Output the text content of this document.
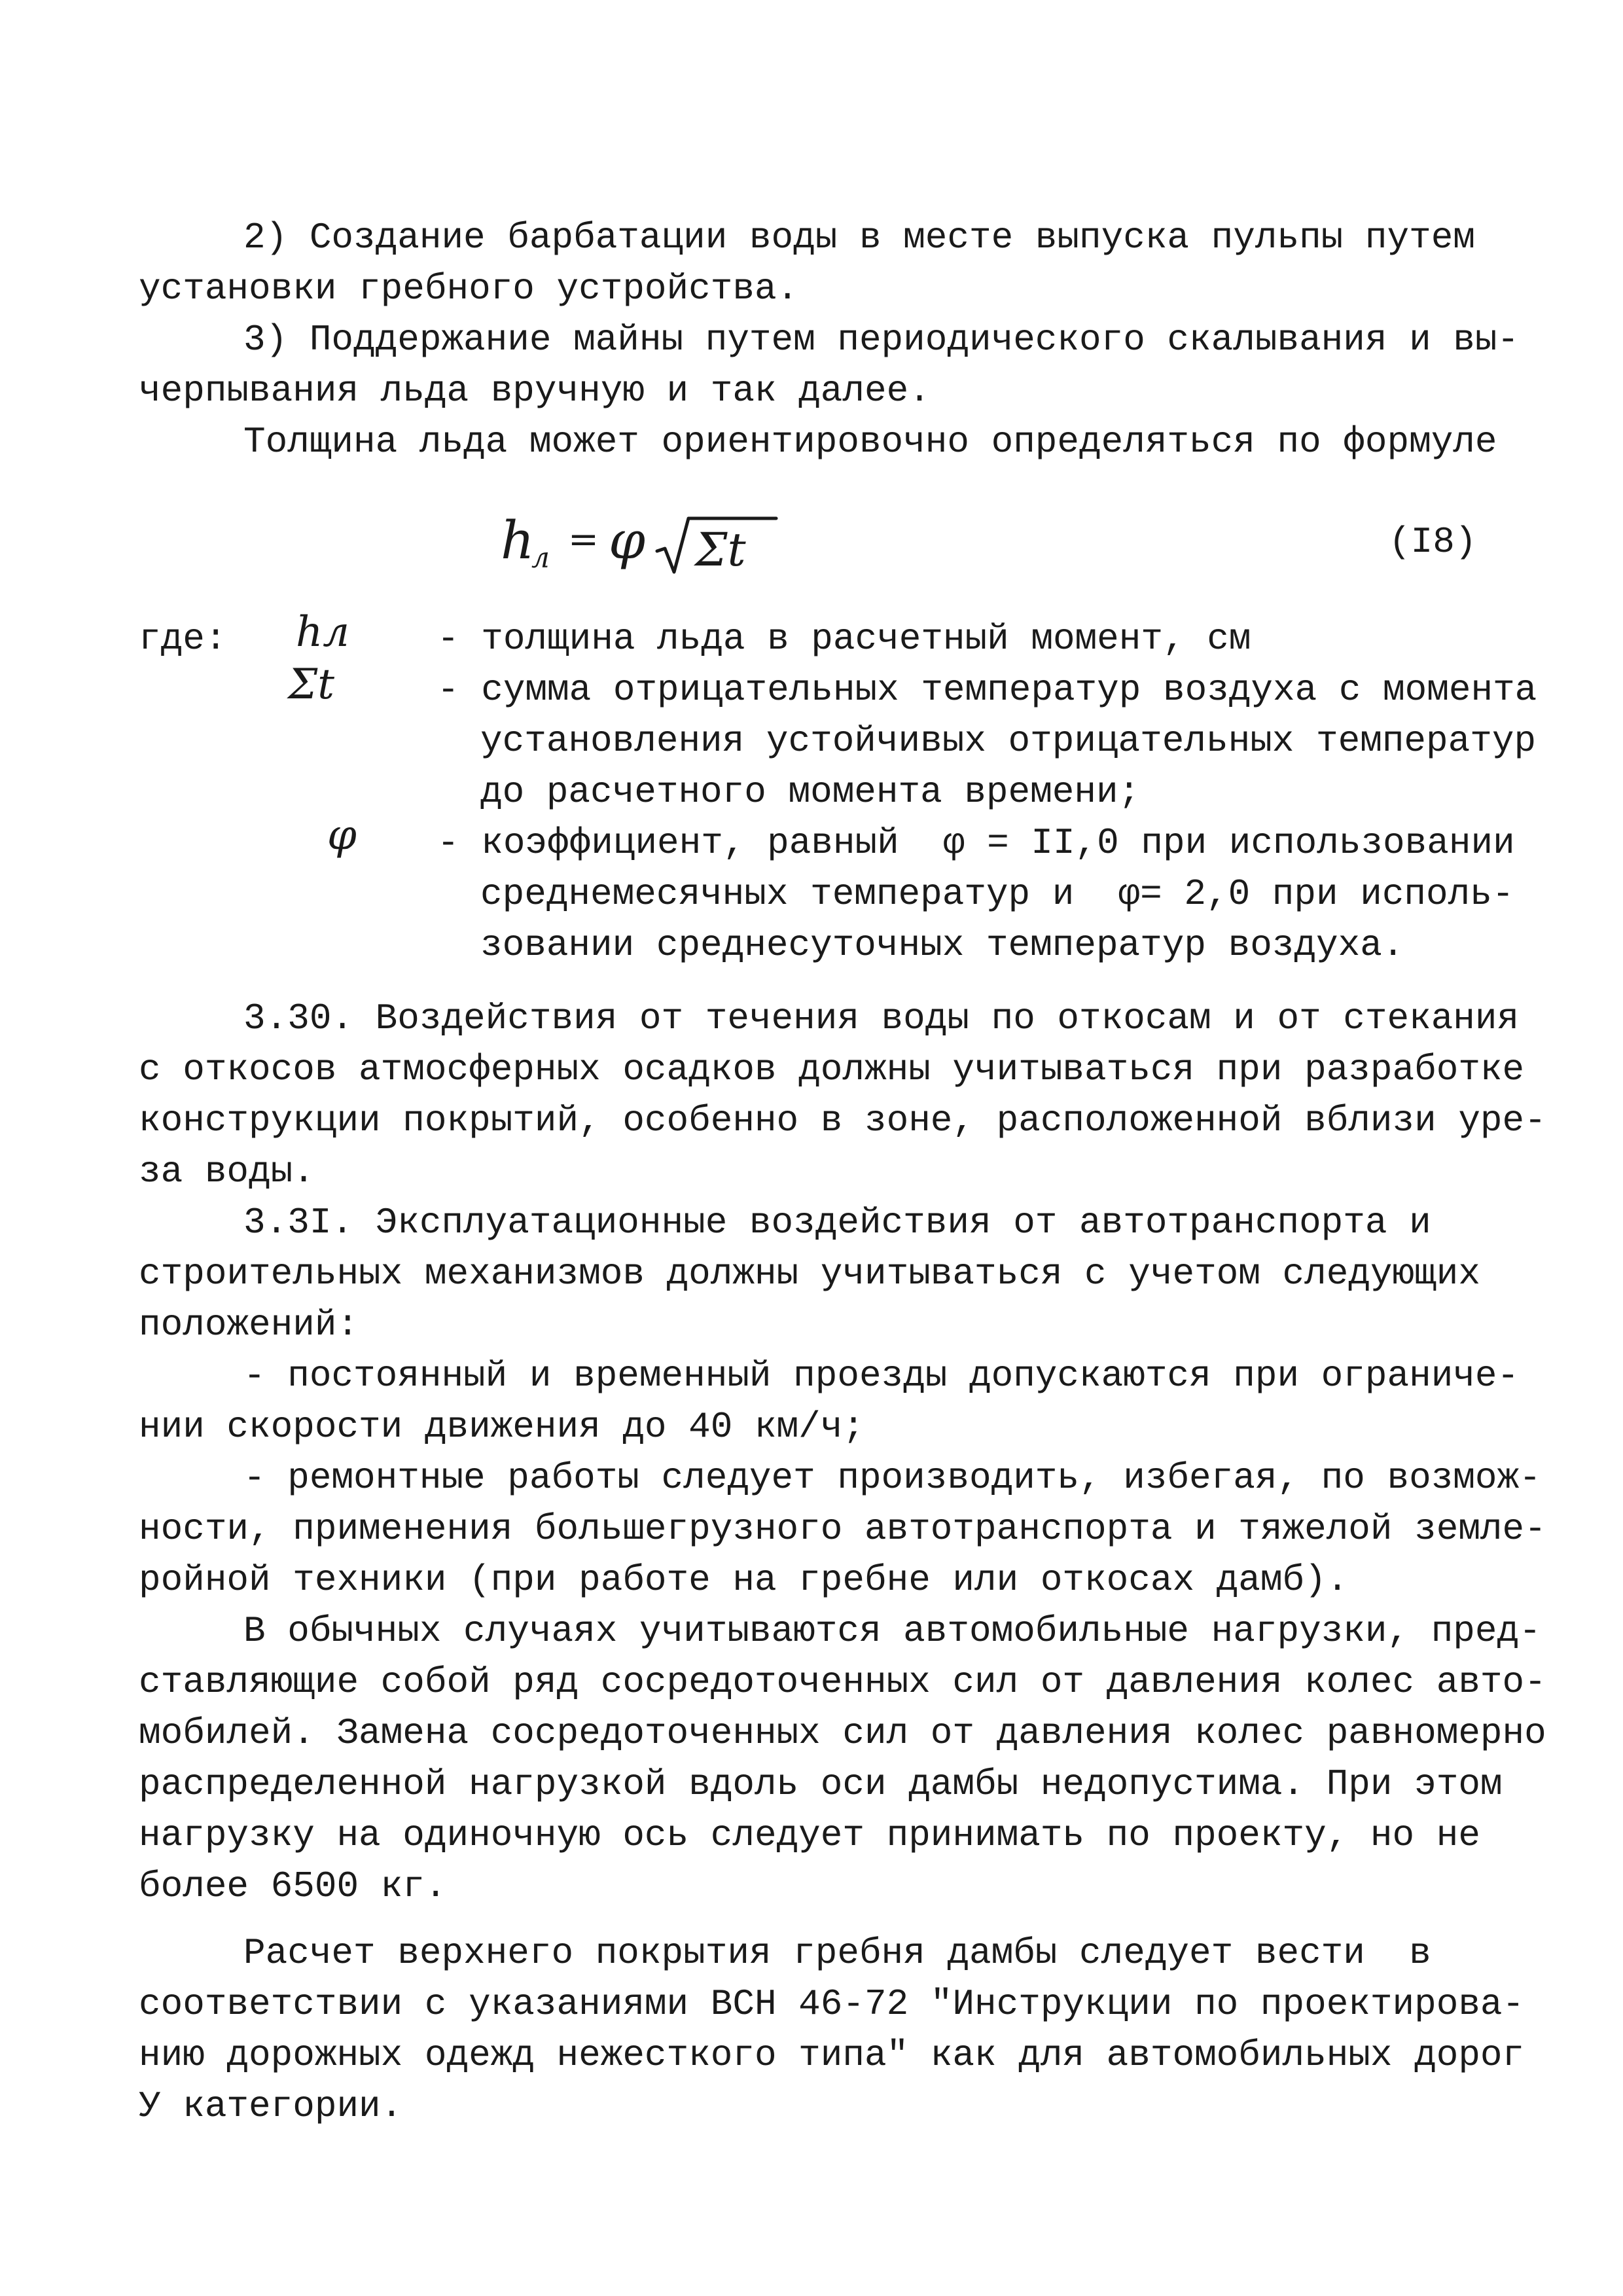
2) Создание барбатации воды в месте выпуска пульпы путем
установки гребного устройства.
3) Поддержание майны путем периодического скалывания и вы-
черпывания льда вручную и так далее.
Толщина льда может ориентировочно определяться по формуле
h
л = φ Σt	(I8)
где: hл - толщина льда в расчетный момент, см
Σt	- сумма отрицательных температур воздуха с момента
установления устойчивых отрицательных температур
до расчетного момента времени;
φ - коэффициент, равный  φ = II,0 при использовании
среднемесячных температур и  φ= 2,0 при исполь-
зовании среднесуточных температур воздуха.
3.30. Воздействия от течения воды по откосам и от стекания
с откосов атмосферных осадков должны учитываться при разработке
конструкции покрытий, особенно в зоне, расположенной вблизи уре-
за воды.
3.3I. Эксплуатационные воздействия от автотранспорта и
строительных механизмов должны учитываться с учетом следующих
положений:
- постоянный и временный проезды допускаются при ограниче-
нии скорости движения до 40 км/ч;
- ремонтные работы следует производить, избегая, по возмож-
ности, применения большегрузного автотранспорта и тяжелой земле-
ройной техники (при работе на гребне или откосах дамб).
В обычных случаях учитываются автомобильные нагрузки, пред-
ставляющие собой ряд сосредоточенных сил от давления колес авто-
мобилей. Замена сосредоточенных сил от давления колес равномерно
распределенной нагрузкой вдоль оси дамбы недопустима. При этом
нагрузку на одиночную ось следует принимать по проекту, но не
более 6500 кг.
Расчет верхнего покрытия гребня дамбы следует вести  в
соответствии с указаниями ВСН 46-72 "Инструкции по проектирова-
нию дорожных одежд нежесткого типа" как для автомобильных дорог
У категории.
